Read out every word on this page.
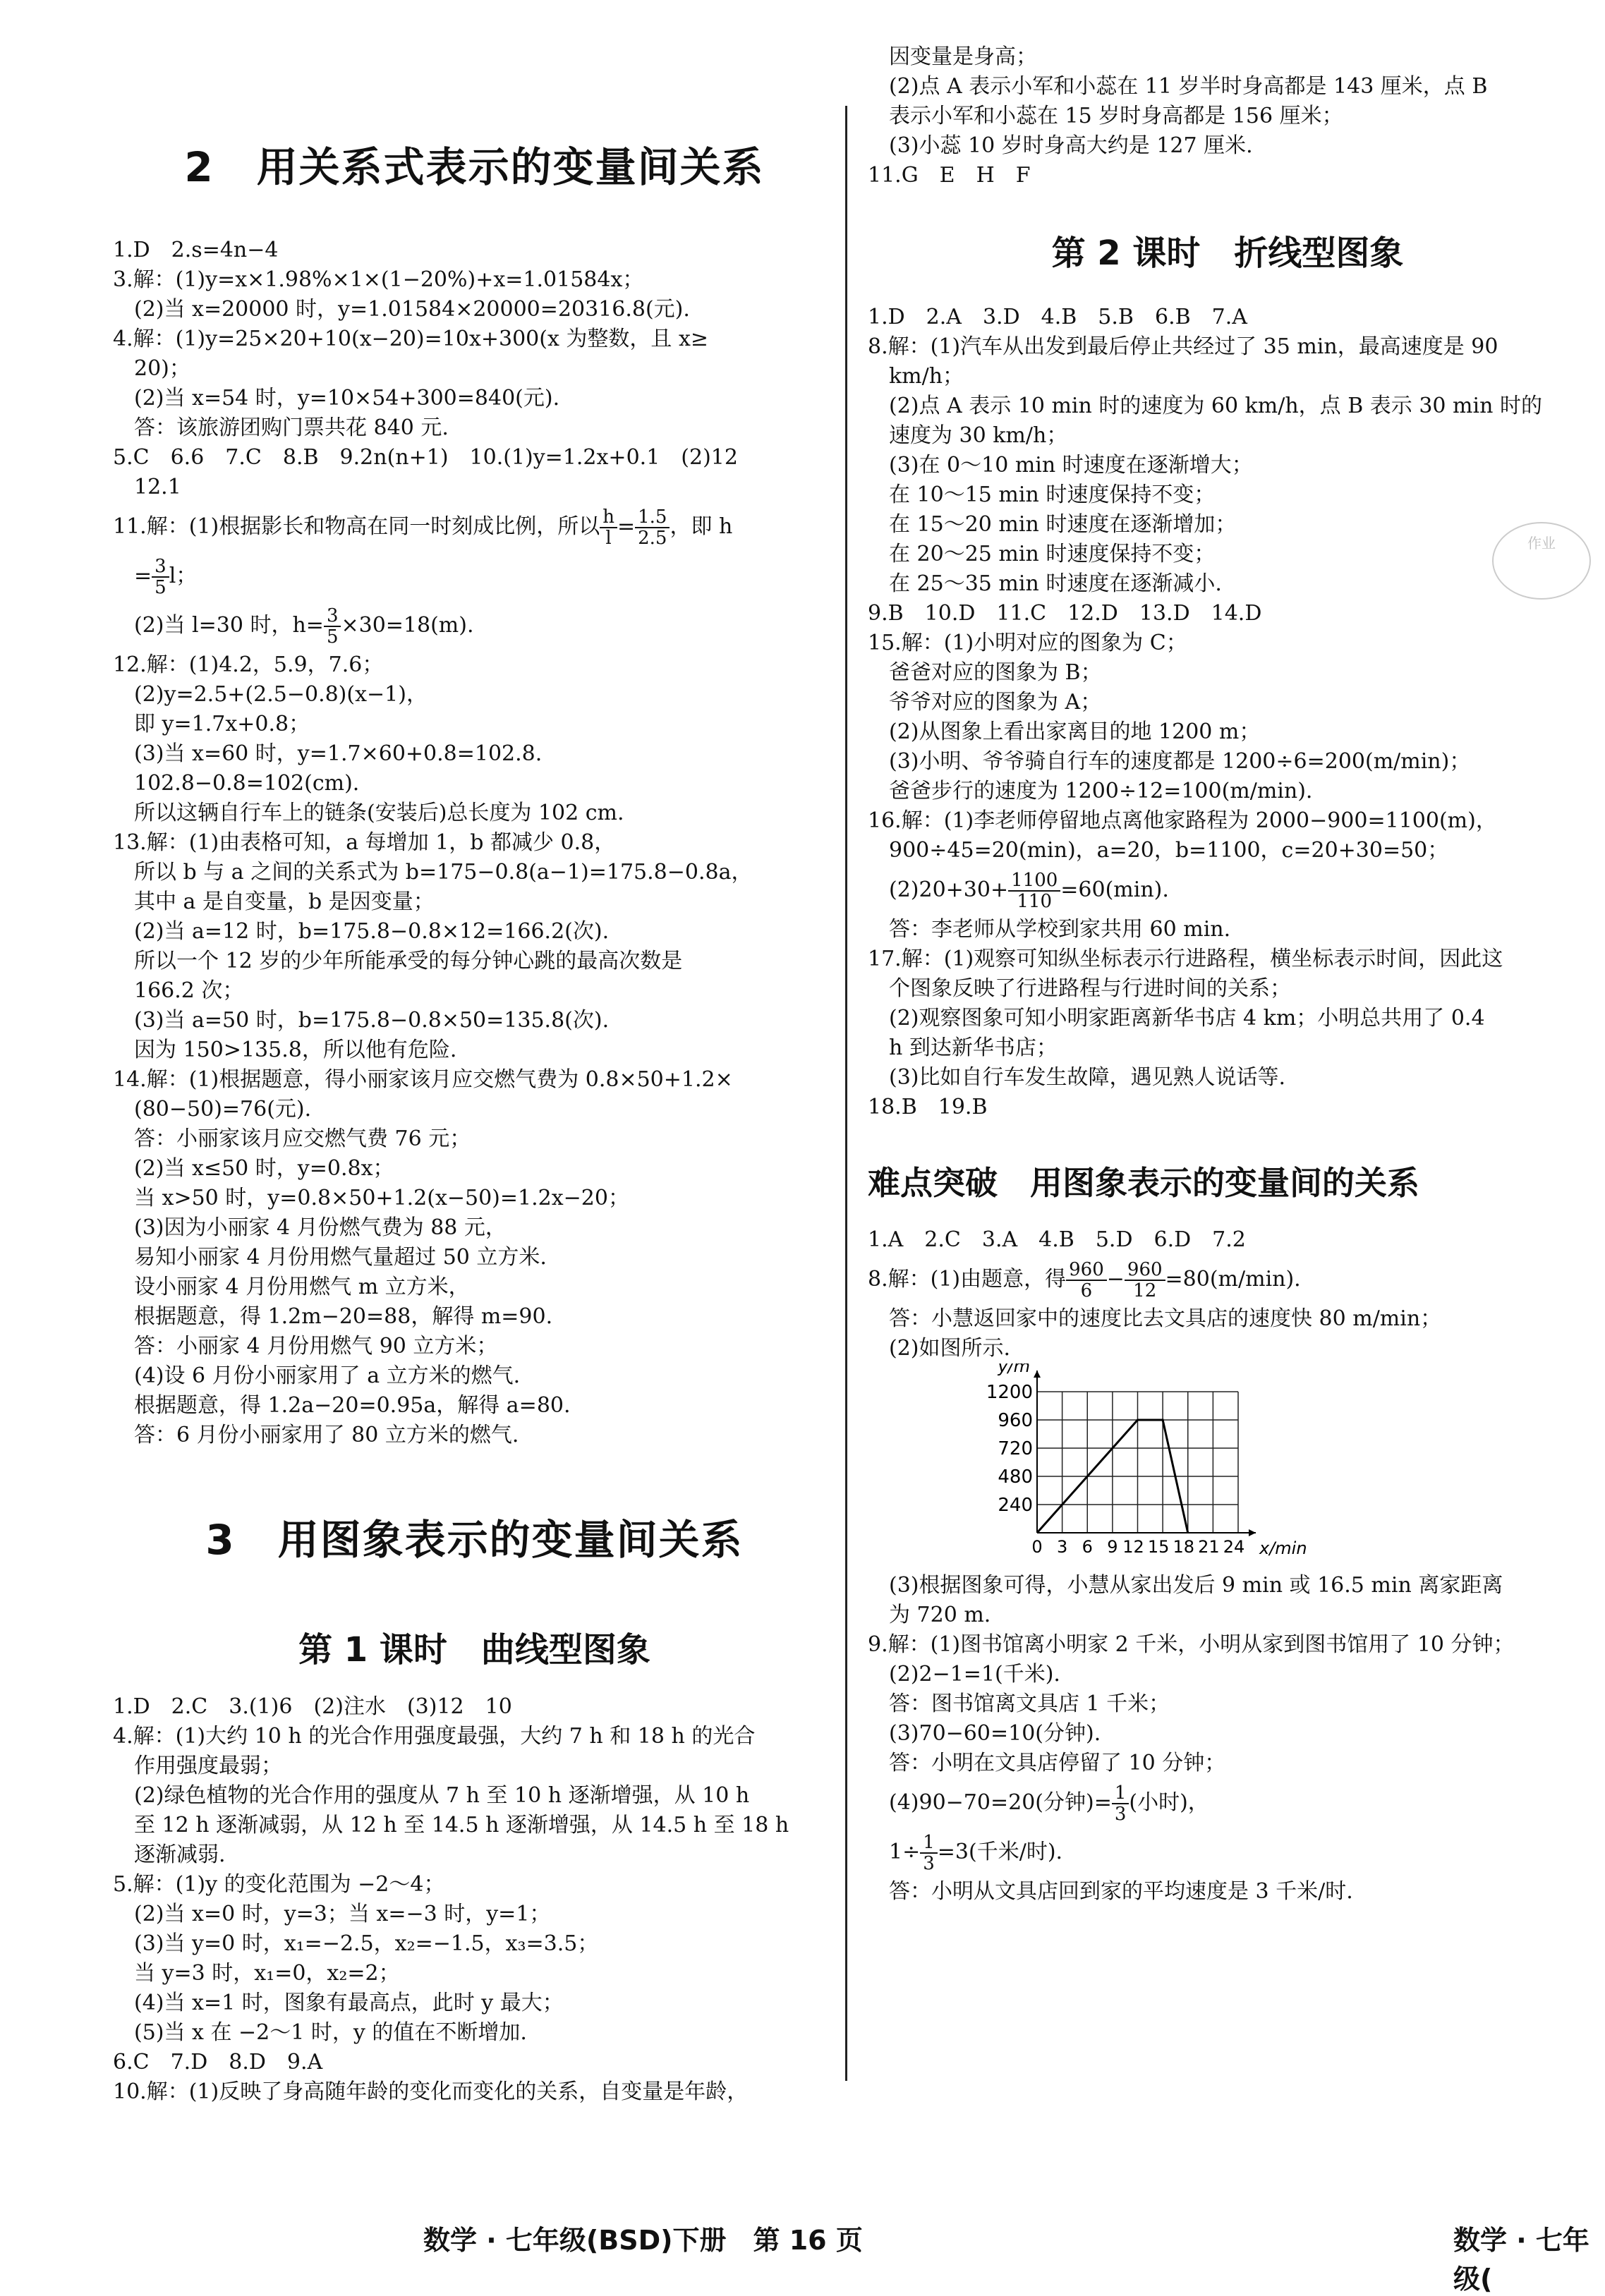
2　用关系式表示的变量间关系
1.D　2.s=4n−4
3.解：(1)y=x×1.98%×1×(1−20%)+x=1.01584x；
　(2)当 x=20000 时，y=1.01584×20000=20316.8(元).
4.解：(1)y=25×20+10(x−20)=10x+300(x 为整数，且 x≥
　20)；
　(2)当 x=54 时，y=10×54+300=840(元).
　答：该旅游团购门票共花 840 元.
5.C　6.6　7.C　8.B　9.2n(n+1)　10.(1)y=1.2x+0.1　(2)12
　12.1
11.解：(1)根据影长和物高在同一时刻成比例，所以 $\frac{h}{l} = \frac{1.5}{2.5}$ ，即 h
　= $\frac{3}{5}$ l；
　(2)当 l=30 时，$h= \frac{3}{5} \times 30=18(m)$.
12.解：(1)4.2，5.9，7.6；
　(2)y=2.5+(2.5−0.8)(x−1)，
　即 y=1.7x+0.8；
　(3)当 x=60 时，y=1.7×60+0.8=102.8.
　102.8−0.8=102(cm).
　所以这辆自行车上的链条(安装后)总长度为 102 cm.
13.解：(1)由表格可知，a 每增加 1，b 都减少 0.8，
　所以 b 与 a 之间的关系式为 b=175−0.8(a−1)=175.8−0.8a，
　其中 a 是自变量，b 是因变量；
　(2)当 a=12 时，b=175.8−0.8×12=166.2(次).
　所以一个 12 岁的少年所能承受的每分钟心跳的最高次数是
　166.2 次；
　(3)当 a=50 时，b=175.8−0.8×50=135.8(次).
　因为 150>135.8，所以他有危险.
14.解：(1)根据题意，得小丽家该月应交燃气费为 0.8×50+1.2×
　(80−50)=76(元).
　答：小丽家该月应交燃气费 76 元；
　(2)当 x≤50 时，y=0.8x；
　当 x>50 时，y=0.8×50+1.2(x−50)=1.2x−20；
　(3)因为小丽家 4 月份燃气费为 88 元，
　易知小丽家 4 月份用燃气量超过 50 立方米.
　设小丽家 4 月份用燃气 m 立方米，
　根据题意，得 1.2m−20=88，解得 m=90.
　答：小丽家 4 月份用燃气 90 立方米；
　(4)设 6 月份小丽家用了 a 立方米的燃气.
　根据题意，得 1.2a−20=0.95a，解得 a=80.
　答：6 月份小丽家用了 80 立方米的燃气.
3　用图象表示的变量间关系
第 1 课时　曲线型图象
1.D　2.C　3.(1)6　(2)注水　(3)12　10
4.解：(1)大约 10 h 的光合作用强度最强，大约 7 h 和 18 h 的光合
　作用强度最弱；
　(2)绿色植物的光合作用的强度从 7 h 至 10 h 逐渐增强，从 10 h
　至 12 h 逐渐减弱，从 12 h 至 14.5 h 逐渐增强，从 14.5 h 至 18 h
　逐渐减弱.
5.解：(1)y 的变化范围为 −2～4；
　(2)当 x=0 时，y=3；当 x=−3 时，y=1；
　(3)当 y=0 时，x₁=−2.5，x₂=−1.5，x₃=3.5；
　当 y=3 时，x₁=0，x₂=2；
　(4)当 x=1 时，图象有最高点，此时 y 最大；
　(5)当 x 在 −2～1 时，y 的值在不断增加.
6.C　7.D　8.D　9.A
10.解：(1)反映了身高随年龄的变化而变化的关系，自变量是年龄，
　因变量是身高；
　(2)点 A 表示小军和小蕊在 11 岁半时身高都是 143 厘米，点 B
　表示小军和小蕊在 15 岁时身高都是 156 厘米；
　(3)小蕊 10 岁时身高大约是 127 厘米.
11.G　E　H　F
第 2 课时　折线型图象
1.D　2.A　3.D　4.B　5.B　6.B　7.A
8.解：(1)汽车从出发到最后停止共经过了 35 min，最高速度是 90
　km/h；
　(2)点 A 表示 10 min 时的速度为 60 km/h，点 B 表示 30 min 时的
　速度为 30 km/h；
　(3)在 0～10 min 时速度在逐渐增大；
　在 10～15 min 时速度保持不变；
　在 15～20 min 时速度在逐渐增加；
　在 20～25 min 时速度保持不变；
　在 25～35 min 时速度在逐渐减小.
9.B　10.D　11.C　12.D　13.D　14.D
15.解：(1)小明对应的图象为 C；
　爸爸对应的图象为 B；
　爷爷对应的图象为 A；
　(2)从图象上看出家离目的地 1200 m；
　(3)小明、爷爷骑自行车的速度都是 1200÷6=200(m/min)；
　爸爸步行的速度为 1200÷12=100(m/min).
16.解：(1)李老师停留地点离他家路程为 2000−900=1100(m)，
　900÷45=20(min)，a=20，b=1100，c=20+30=50；
　$(2)20+30+ \frac{1100}{110} =60(\min)$.
　答：李老师从学校到家共用 60 min.
17.解：(1)观察可知纵坐标表示行进路程，横坐标表示时间，因此这
　个图象反映了行进路程与行进时间的关系；
　(2)观察图象可知小明家距离新华书店 4 km；小明总共用了 0.4
　h 到达新华书店；
　(3)比如自行车发生故障，遇见熟人说话等.
18.B　19.B
难点突破　用图象表示的变量间的关系
1.A　2.C　3.A　4.B　5.D　6.D　7.2
8.解：(1)由题意，得 $\frac{960}{6} - \frac{960}{12} =80(m/\min)$.
　答：小慧返回家中的速度比去文具店的速度快 80 m/min；
　(2)如图所示.
1200
960
720
480
240
0 3 6 9 12 15 18 21 24
y/m
x/min
　(3)根据图象可得，小慧从家出发后 9 min 或 16.5 min 离家距离
　为 720 m.
9.解：(1)图书馆离小明家 2 千米，小明从家到图书馆用了 10 分钟；
　(2)2−1=1(千米).
　答：图书馆离文具店 1 千米；
　(3)70−60=10(分钟).
　答：小明在文具店停留了 10 分钟；
　(4)90−70=20(分钟)= $\frac{1}{3}$ (小时)，
　$1\div \frac{1}{3} =3$(千米/时).
　答：小明从文具店回到家的平均速度是 3 千米/时.
作业
数学 · 七年级(BSD)下册　第 16 页	数学 · 七年级(
